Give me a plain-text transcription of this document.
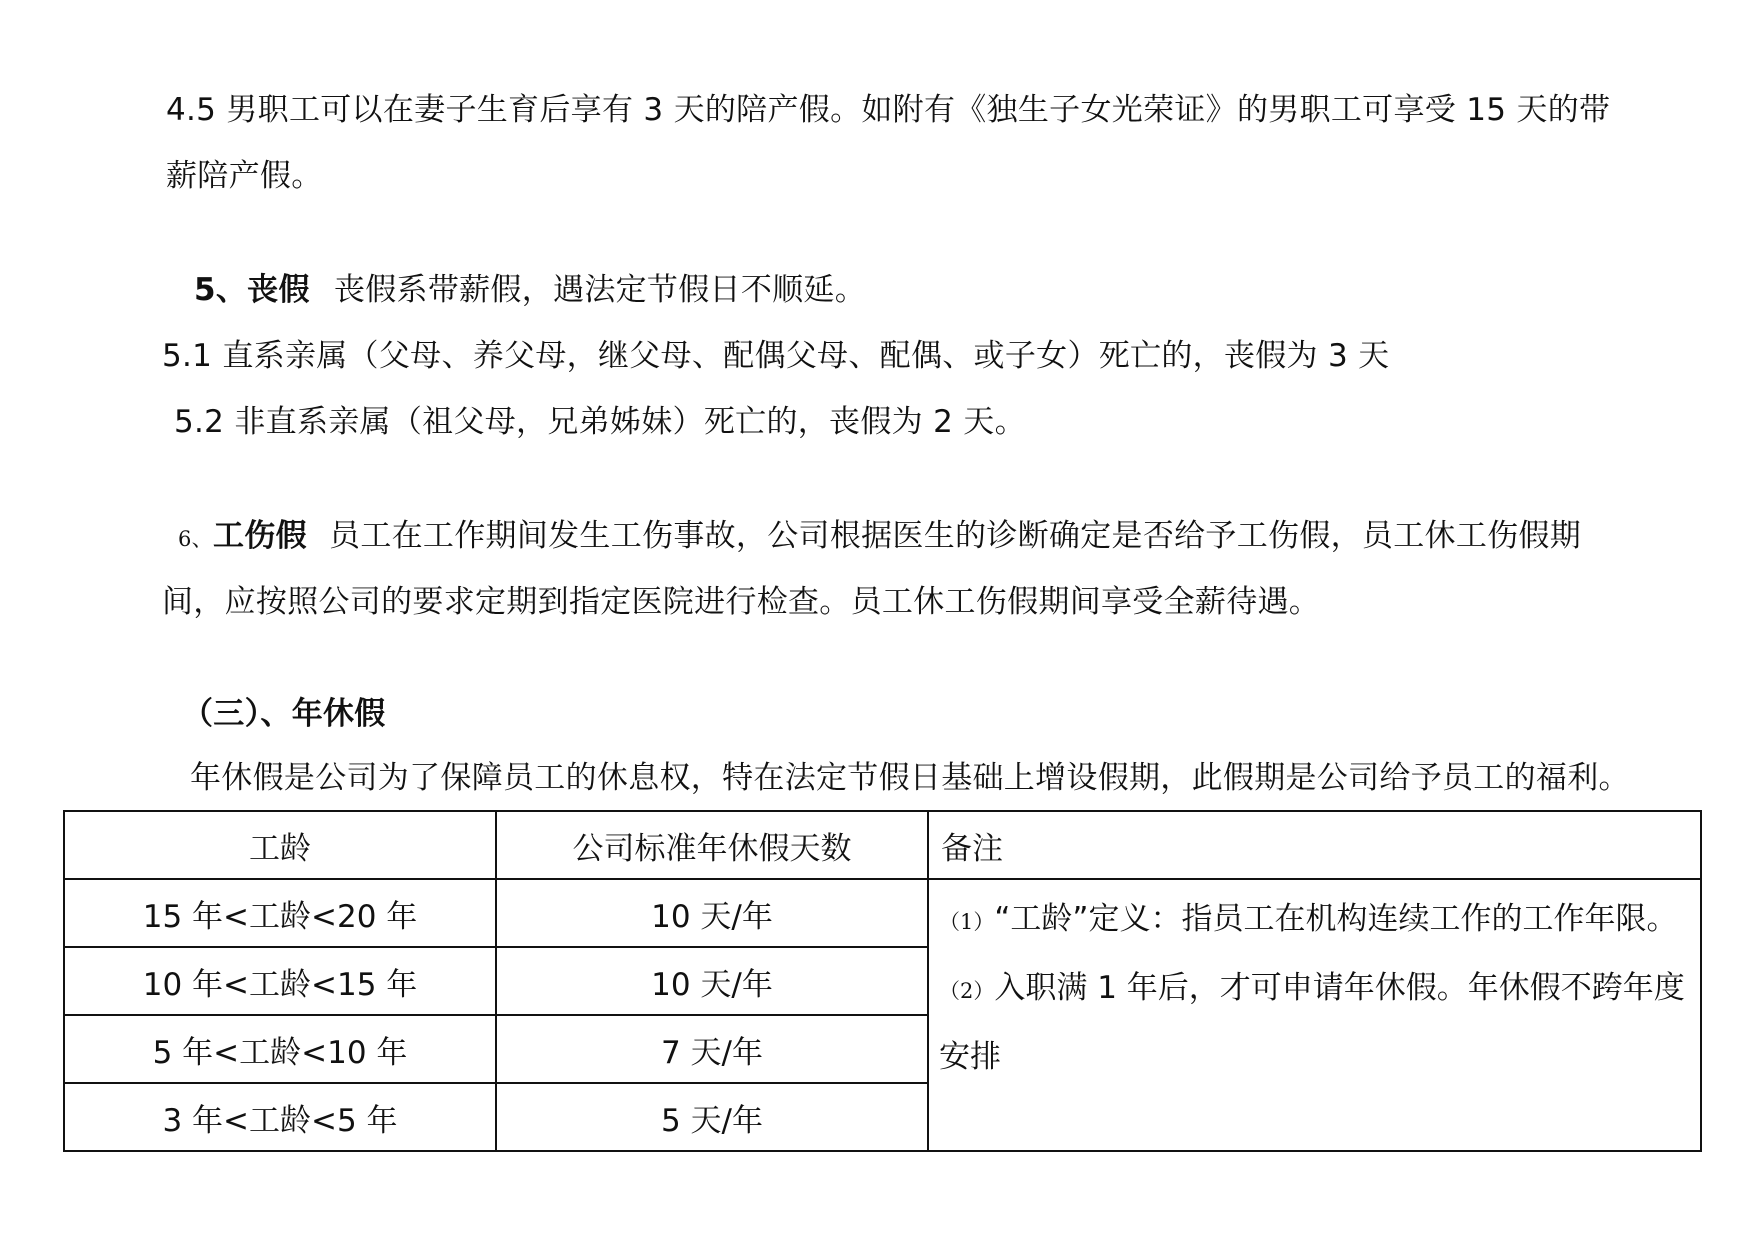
4.5 男职工可以在妻子生育后享有 3 天的陪产假。如附有《独生子女光荣证》的男职工可享受 15 天的带
薪陪产假。
5、丧假 丧假系带薪假，遇法定节假日不顺延。
5.1 直系亲属（父母、养父母，继父母、配偶父母、配偶、或子女）死亡的，丧假为 3 天
5.2 非直系亲属（祖父母，兄弟姊妹）死亡的，丧假为 2 天。
6、工伤假 员工在工作期间发生工伤事故，公司根据医生的诊断确定是否给予工伤假，员工休工伤假期
间，应按照公司的要求定期到指定医院进行检查。员工休工伤假期间享受全薪待遇。
（三）、年休假
年休假是公司为了保障员工的休息权，特在法定节假日基础上增设假期，此假期是公司给予员工的福利。
工龄	公司标准年休假天数	备注
15 年<工龄<20 年	10 天/年	（1）“工龄”定义：指员工在机构连续工作的工作年限。
（2）入职满 1 年后，才可申请年休假。年休假不跨年度安排

10 年<工龄<15 年	10 天/年	
5 年<工龄<10 年	7 天/年	
3 年<工龄<5 年	5 天/年	
